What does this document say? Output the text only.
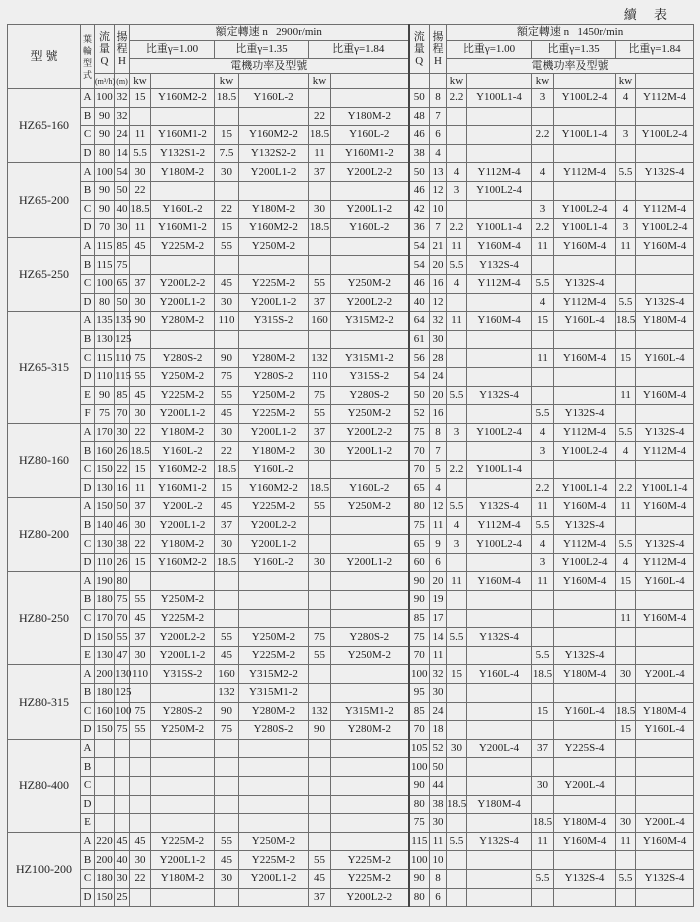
續 表
型 號	葉輪型式	流量 Q	揚程 H	額定轉速 n 2900r/min						流量 Q	揚程 H	額定轉速 n 1450r/min					
				比重γ=1.00		比重γ=1.35		比重γ=1.84				比重γ=1.00		比重γ=1.35		比重γ=1.84	
				電機功率及型號								電機功率及型號					
		(m³/h)	(m)	kw		kw		kw				kw		kw		kw	
HZ65-160	A	100	32	15	Y160M2-2	18.5	Y160L-2			50	8	2.2	Y100L1-4	3	Y100L2-4	4	Y112M-4
	B	90	32					22	Y180M-2	48	7						
	C	90	24	11	Y160M1-2	15	Y160M2-2	18.5	Y160L-2	46	6			2.2	Y100L1-4	3	Y100L2-4
	D	80	14	5.5	Y132S1-2	7.5	Y132S2-2	11	Y160M1-2	38	4						
HZ65-200	A	100	54	30	Y180M-2	30	Y200L1-2	37	Y200L2-2	50	13	4	Y112M-4	4	Y112M-4	5.5	Y132S-4
	B	90	50	22						46	12	3	Y100L2-4				
	C	90	40	18.5	Y160L-2	22	Y180M-2	30	Y200L1-2	42	10			3	Y100L2-4	4	Y112M-4
	D	70	30	11	Y160M1-2	15	Y160M2-2	18.5	Y160L-2	36	7	2.2	Y100L1-4	2.2	Y100L1-4	3	Y100L2-4
HZ65-250	A	115	85	45	Y225M-2	55	Y250M-2			54	21	11	Y160M-4	11	Y160M-4	11	Y160M-4
	B	115	75							54	20	5.5	Y132S-4				
	C	100	65	37	Y200L2-2	45	Y225M-2	55	Y250M-2	46	16	4	Y112M-4	5.5	Y132S-4		
	D	80	50	30	Y200L1-2	30	Y200L1-2	37	Y200L2-2	40	12			4	Y112M-4	5.5	Y132S-4
HZ65-315	A	135	135	90	Y280M-2	110	Y315S-2	160	Y315M2-2	64	32	11	Y160M-4	15	Y160L-4	18.5	Y180M-4
	B	130	125							61	30						
	C	115	110	75	Y280S-2	90	Y280M-2	132	Y315M1-2	56	28			11	Y160M-4	15	Y160L-4
	D	110	115	55	Y250M-2	75	Y280S-2	110	Y315S-2	54	24						
	E	90	85	45	Y225M-2	55	Y250M-2	75	Y280S-2	50	20	5.5	Y132S-4			11	Y160M-4
	F	75	70	30	Y200L1-2	45	Y225M-2	55	Y250M-2	52	16			5.5	Y132S-4		
HZ80-160	A	170	30	22	Y180M-2	30	Y200L1-2	37	Y200L2-2	75	8	3	Y100L2-4	4	Y112M-4	5.5	Y132S-4
	B	160	26	18.5	Y160L-2	22	Y180M-2	30	Y200L1-2	70	7			3	Y100L2-4	4	Y112M-4
	C	150	22	15	Y160M2-2	18.5	Y160L-2			70	5	2.2	Y100L1-4				
	D	130	16	11	Y160M1-2	15	Y160M2-2	18.5	Y160L-2	65	4			2.2	Y100L1-4	2.2	Y100L1-4
HZ80-200	A	150	50	37	Y200L-2	45	Y225M-2	55	Y250M-2	80	12	5.5	Y132S-4	11	Y160M-4	11	Y160M-4
	B	140	46	30	Y200L1-2	37	Y200L2-2			75	11	4	Y112M-4	5.5	Y132S-4		
	C	130	38	22	Y180M-2	30	Y200L1-2			65	9	3	Y100L2-4	4	Y112M-4	5.5	Y132S-4
	D	110	26	15	Y160M2-2	18.5	Y160L-2	30	Y200L1-2	60	6			3	Y100L2-4	4	Y112M-4
HZ80-250	A	190	80							90	20	11	Y160M-4	11	Y160M-4	15	Y160L-4
	B	180	75	55	Y250M-2					90	19						
	C	170	70	45	Y225M-2					85	17					11	Y160M-4
	D	150	55	37	Y200L2-2	55	Y250M-2	75	Y280S-2	75	14	5.5	Y132S-4				
	E	130	47	30	Y200L1-2	45	Y225M-2	55	Y250M-2	70	11			5.5	Y132S-4		
HZ80-315	A	200	130	110	Y315S-2	160	Y315M2-2			100	32	15	Y160L-4	18.5	Y180M-4	30	Y200L-4
	B	180	125			132	Y315M1-2			95	30						
	C	160	100	75	Y280S-2	90	Y280M-2	132	Y315M1-2	85	24			15	Y160L-4	18.5	Y180M-4
	D	150	75	55	Y250M-2	75	Y280S-2	90	Y280M-2	70	18					15	Y160L-4
HZ80-400	A									105	52	30	Y200L-4	37	Y225S-4		
	B									100	50						
	C									90	44			30	Y200L-4		
	D									80	38	18.5	Y180M-4				
	E									75	30			18.5	Y180M-4	30	Y200L-4
HZ100-200	A	220	45	45	Y225M-2	55	Y250M-2			115	11	5.5	Y132S-4	11	Y160M-4	11	Y160M-4
	B	200	40	30	Y200L1-2	45	Y225M-2	55	Y225M-2	100	10						
	C	180	30	22	Y180M-2	30	Y200L1-2	45	Y225M-2	90	8			5.5	Y132S-4	5.5	Y132S-4
	D	150	25					37	Y200L2-2	80	6						
